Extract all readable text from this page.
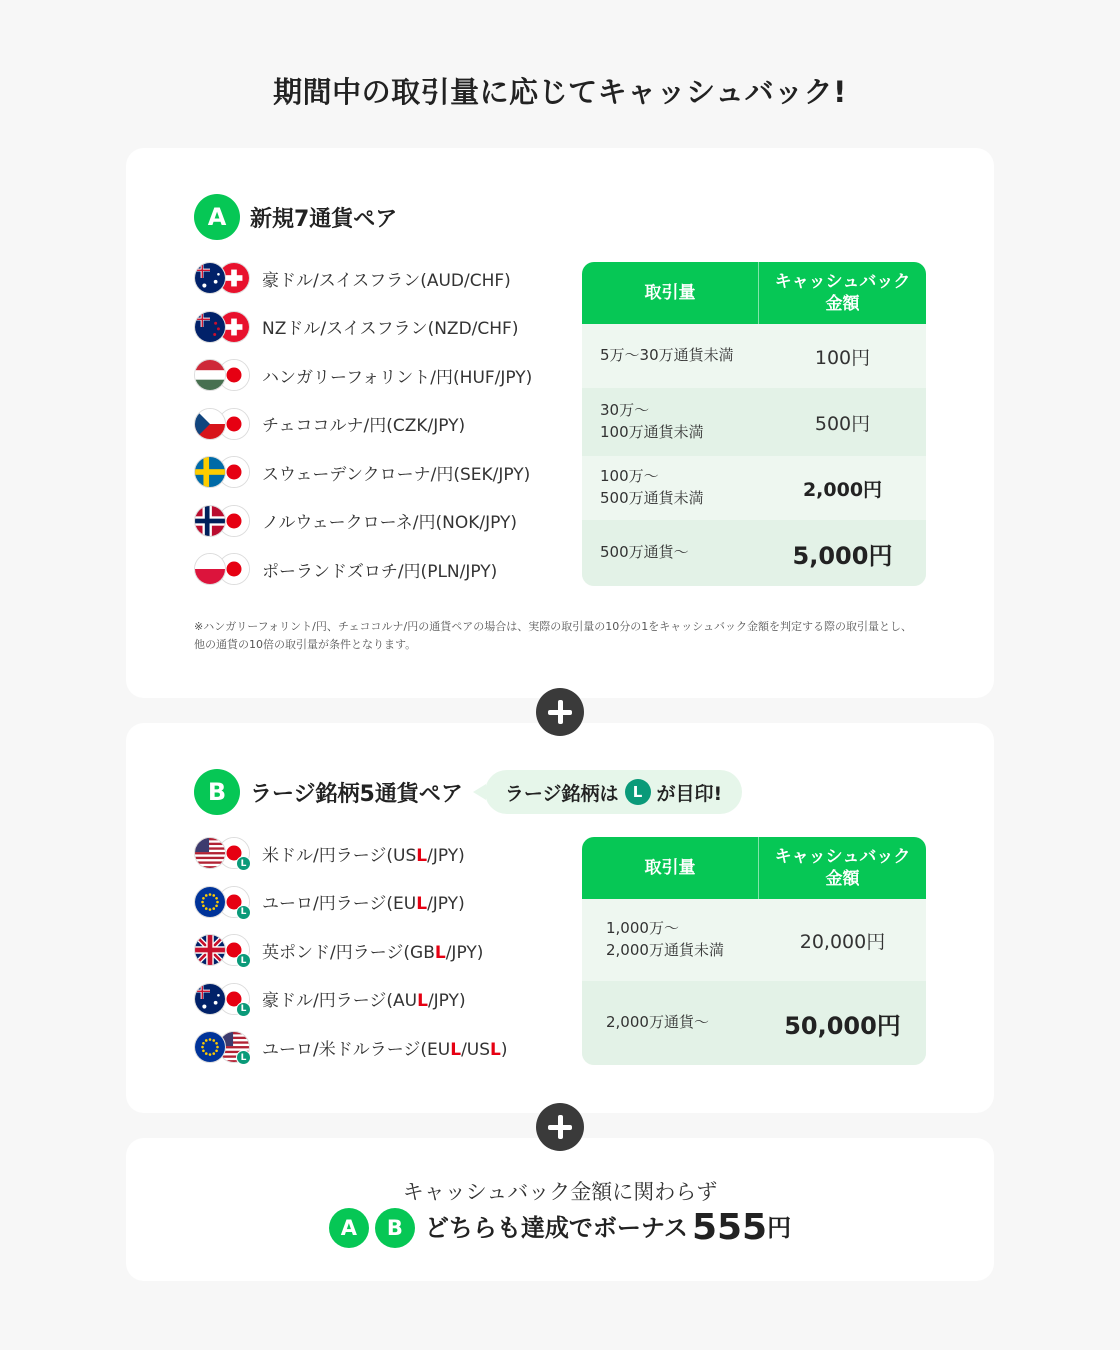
期間中の取引量に応じてキャッシュバック!
A	新規7通貨ペア
豪ドル/スイスフラン(AUD/CHF)
NZドル/スイスフラン(NZD/CHF)
ハンガリーフォリント/円(HUF/JPY)
チェココルナ/円(CZK/JPY)
スウェーデンクローナ/円(SEK/JPY)
ノルウェークローネ/円(NOK/JPY)
ポーランドズロチ/円(PLN/JPY)
取引量
キャッシュバック
金額
5万〜30万通貨未満	100円
30万〜
100万通貨未満	500円
100万〜
500万通貨未満	2,000円
500万通貨〜	5,000円
※ハンガリーフォリント/円、チェココルナ/円の通貨ペアの場合は、実際の取引量の10分の1をキャッシュバック金額を判定する際の取引量とし、
他の通貨の10倍の取引量が条件となります。
B	ラージ銘柄5通貨ペア ラージ銘柄は L が目印!
L 米ドル/円ラージ(USL/JPY)
L ユーロ/円ラージ(EUL/JPY)
L 英ポンド/円ラージ(GBL/JPY)
L 豪ドル/円ラージ(AUL/JPY)
L ユーロ/米ドルラージ(EUL/USL)
取引量
キャッシュバック
金額
1,000万〜
2,000万通貨未満	20,000円
2,000万通貨〜	50,000円
キャッシュバック金額に関わらず
A	B どちらも達成でボーナス 555 円
